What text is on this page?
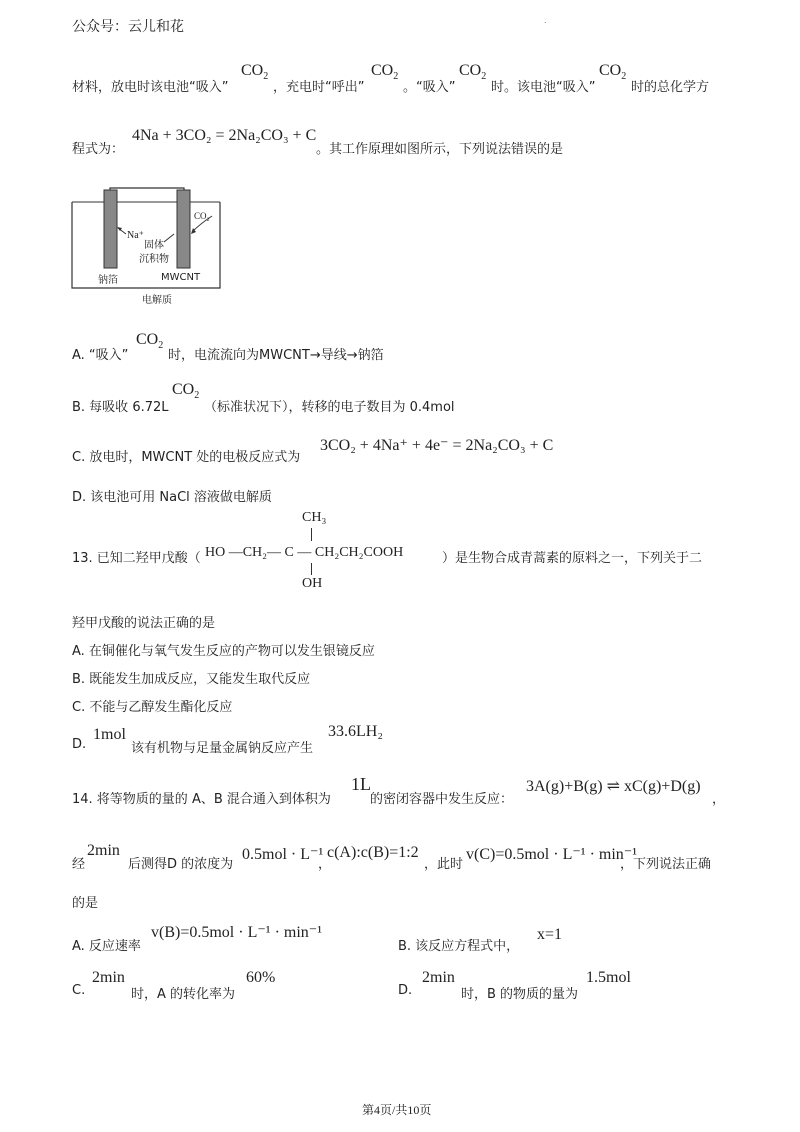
公众号：云儿和花	.
材料，放电时该电池“吸入”
$CO_2$
，充电时“呼出”
$CO_2$
。“吸入”
$CO_2$
时。该电池“吸入”
$CO_2$
时的总化学方
程式为：
4Na + 3CO₂ = 2Na₂CO₃ + C
。其工作原理如图所示，下列说法错误的是
Na⁺
CO₂
固体
沉积物
钠箔	MWCNT
电解质
A. “吸入”
$CO_2$
时，电流流向为MWCNT→导线→钠箔
B. 每吸收 6.72L
$CO_2$
（标准状况下），转移的电子数目为 0.4mol
C. 放电时，MWCNT 处的电极反应式为
3CO₂ + 4Na⁺ + 4e⁻ = 2Na₂CO₃ + C
D. 该电池可用 NaCl 溶液做电解质
CH₃
13. 已知二羟甲戊酸（ HO —CH₂— C — CH₂CH₂COOH	）是生物合成青蒿素的原料之一，下列关于二
OH
羟甲戊酸的说法正确的是
A. 在铜催化与氧气发生反应的产物可以发生银镜反应
B. 既能发生加成反应，又能发生取代反应
C. 不能与乙醇发生酯化反应
D.
1mol
该有机物与足量金属钠反应产生
33.6LH₂
14. 将等物质的量的 A、B 混合通入到体积为
1L
的密闭容器中发生反应：
3A(g)+B(g) ⇌ xC(g)+D(g)
，
经
2min
后测得D 的浓度为
0.5mol · L⁻¹
，
c(A):c(B)=1:2
，此时
v(C)=0.5mol · L⁻¹ · min⁻¹
，下列说法正确
的是
A. 反应速率
v(B)=0.5mol · L⁻¹ · min⁻¹
B. 该反应方程式中，
x=1
C.
2min
时，A 的转化率为
60%
D.
2min
时，B 的物质的量为
1.5mol
第4页/共10页
